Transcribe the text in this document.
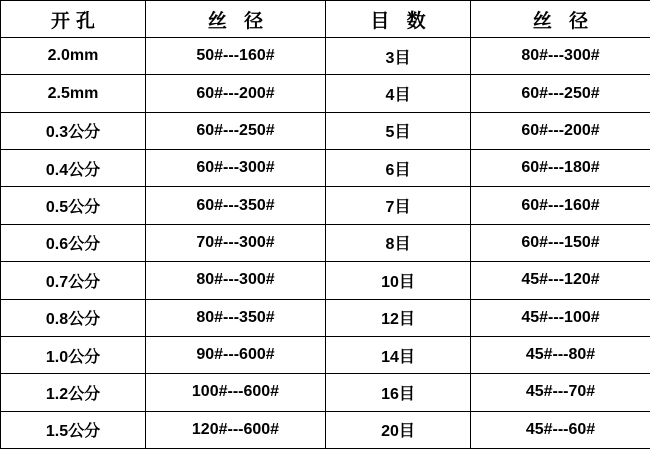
开孔	丝 径	目 数	丝 径
2.0mm	50#---160#	3目	80#---300#
2.5mm	60#---200#	4目	60#---250#
0.3公分	60#---250#	5目	60#---200#
0.4公分	60#---300#	6目	60#---180#
0.5公分	60#---350#	7目	60#---160#
0.6公分	70#---300#	8目	60#---150#
0.7公分	80#---300#	10目	45#---120#
0.8公分	80#---350#	12目	45#---100#
1.0公分	90#---600#	14目	45#---80#
1.2公分	100#---600#	16目	45#---70#
1.5公分	120#---600#	20目	45#---60#
